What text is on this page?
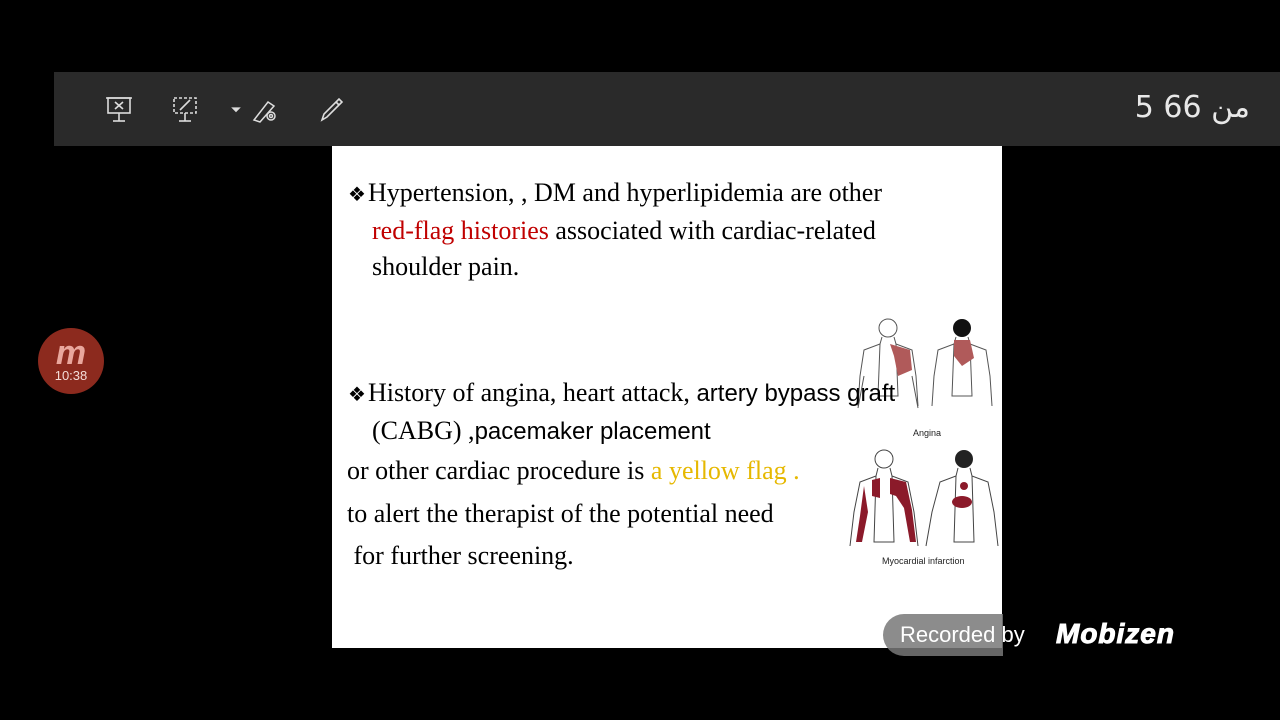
5 من 66
❖Hypertension, , DM and hyperlipidemia are other
red-flag histories associated with cardiac-related
shoulder pain.
Angina
❖History of angina, heart attack, artery bypass graft
(CABG) ,pacemaker placement
Myocardial infarction
or other cardiac procedure is a yellow flag .
to alert the therapist of the potential need
for further screening.
m
10:38
Recorded by Mobizen
